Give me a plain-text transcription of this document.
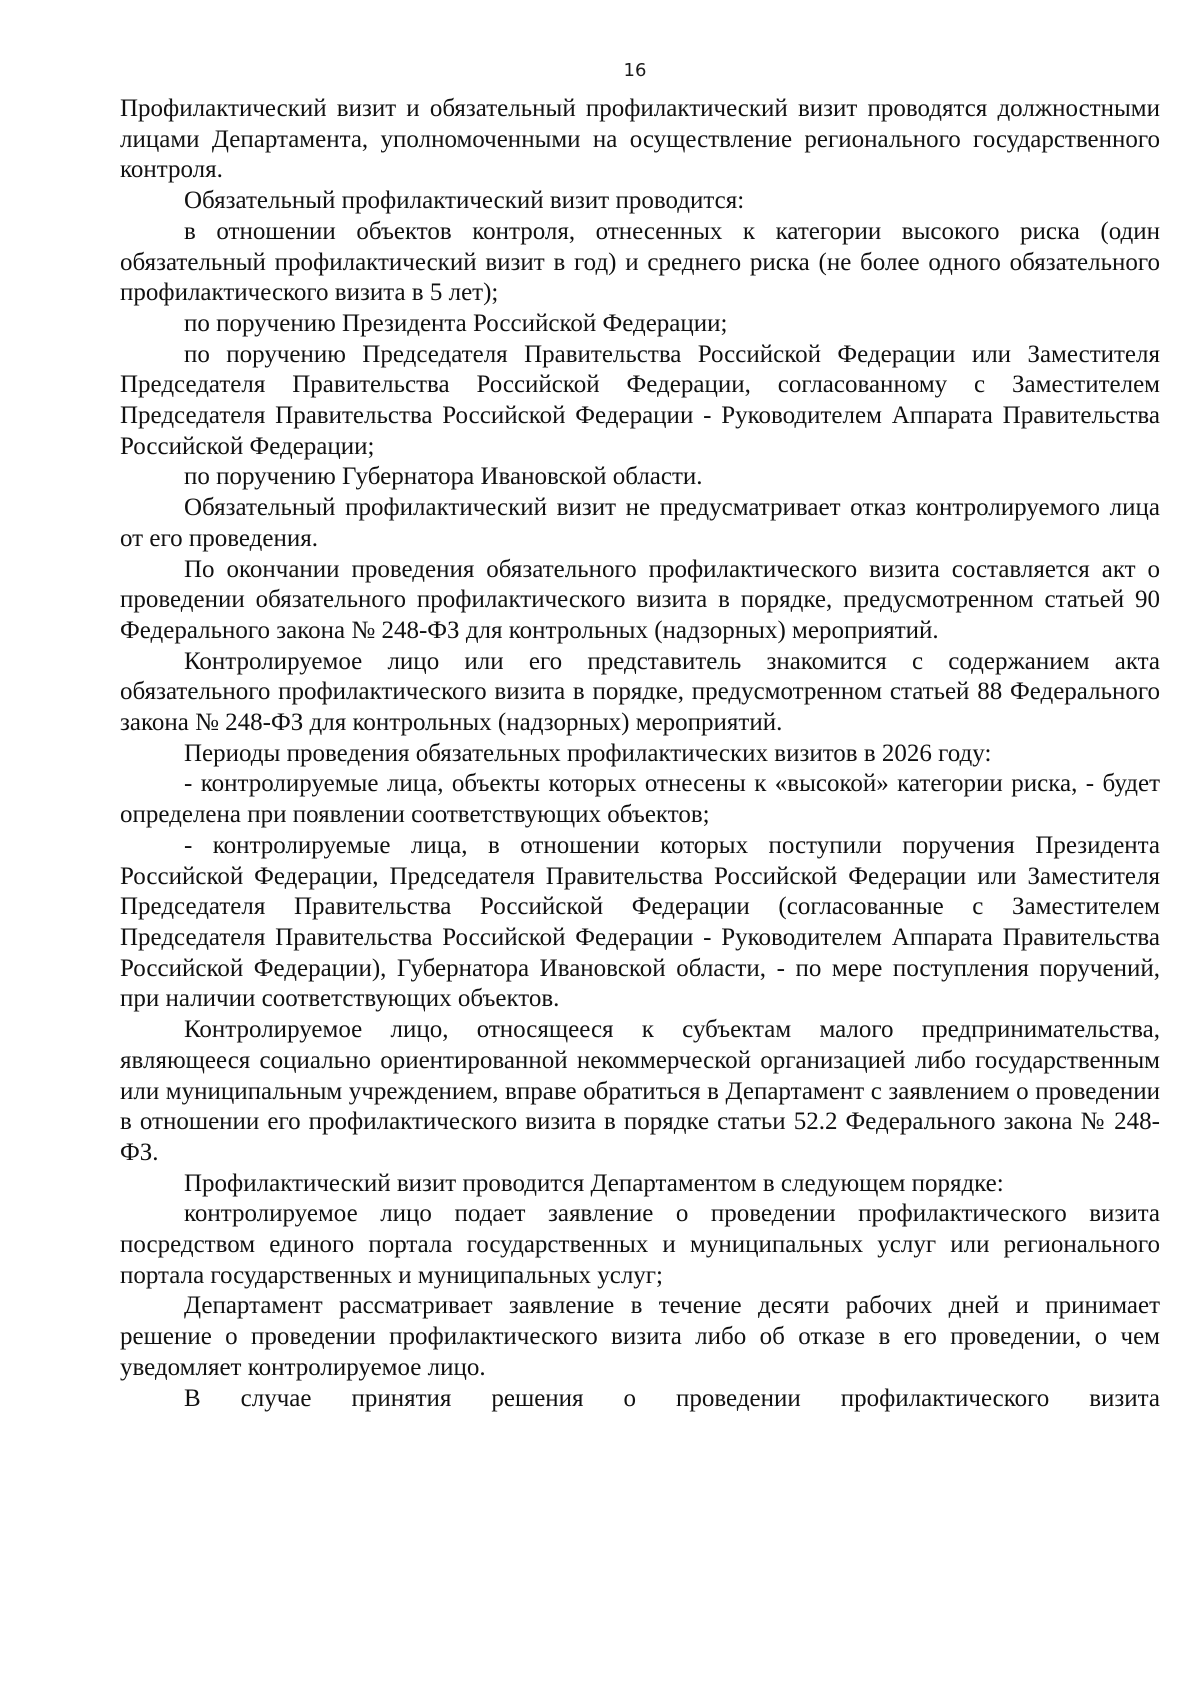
16

Профилактический визит и обязательный профилактический визит проводятся должностными лицами Департамента, уполномоченными на осуществление регионального государственного контроля.

Обязательный профилактический визит проводится:

в отношении объектов контроля, отнесенных к категории высокого риска (один обязательный профилактический визит в год) и среднего риска (не более одного обязательного профилактического визита в 5 лет);

по поручению Президента Российской Федерации;

по поручению Председателя Правительства Российской Федерации или Заместителя Председателя Правительства Российской Федерации, согласованному с Заместителем Председателя Правительства Российской Федерации - Руководителем Аппарата Правительства Российской Федерации;

по поручению Губернатора Ивановской области.

Обязательный профилактический визит не предусматривает отказ контролируемого лица от его проведения.

По окончании проведения обязательного профилактического визита составляется акт о проведении обязательного профилактического визита в порядке, предусмотренном статьей 90 Федерального закона № 248-ФЗ для контрольных (надзорных) мероприятий.

Контролируемое лицо или его представитель знакомится с содержанием акта обязательного профилактического визита в порядке, предусмотренном статьей 88 Федерального закона № 248-ФЗ для контрольных (надзорных) мероприятий.

Периоды проведения обязательных профилактических визитов в 2026 году:

- контролируемые лица, объекты которых отнесены к «высокой» категории риска, - будет определена при появлении соответствующих объектов;

- контролируемые лица, в отношении которых поступили поручения Президента Российской Федерации, Председателя Правительства Российской Федерации или Заместителя Председателя Правительства Российской Федерации (согласованные с Заместителем Председателя Правительства Российской Федерации - Руководителем Аппарата Правительства Российской Федерации), Губернатора Ивановской области, - по мере поступления поручений, при наличии соответствующих объектов.

Контролируемое лицо, относящееся к субъектам малого предпринимательства, являющееся социально ориентированной некоммерческой организацией либо государственным или муниципальным учреждением, вправе обратиться в Департамент с заявлением о проведении в отношении его профилактического визита в порядке статьи 52.2 Федерального закона № 248-ФЗ.

Профилактический визит проводится Департаментом в следующем порядке:

контролируемое лицо подает заявление о проведении профилактического визита посредством единого портала государственных и муниципальных услуг или регионального портала государственных и муниципальных услуг;

Департамент рассматривает заявление в течение десяти рабочих дней и принимает решение о проведении профилактического визита либо об отказе в его проведении, о чем уведомляет контролируемое лицо.

В случае принятия решения о проведении профилактического визита
